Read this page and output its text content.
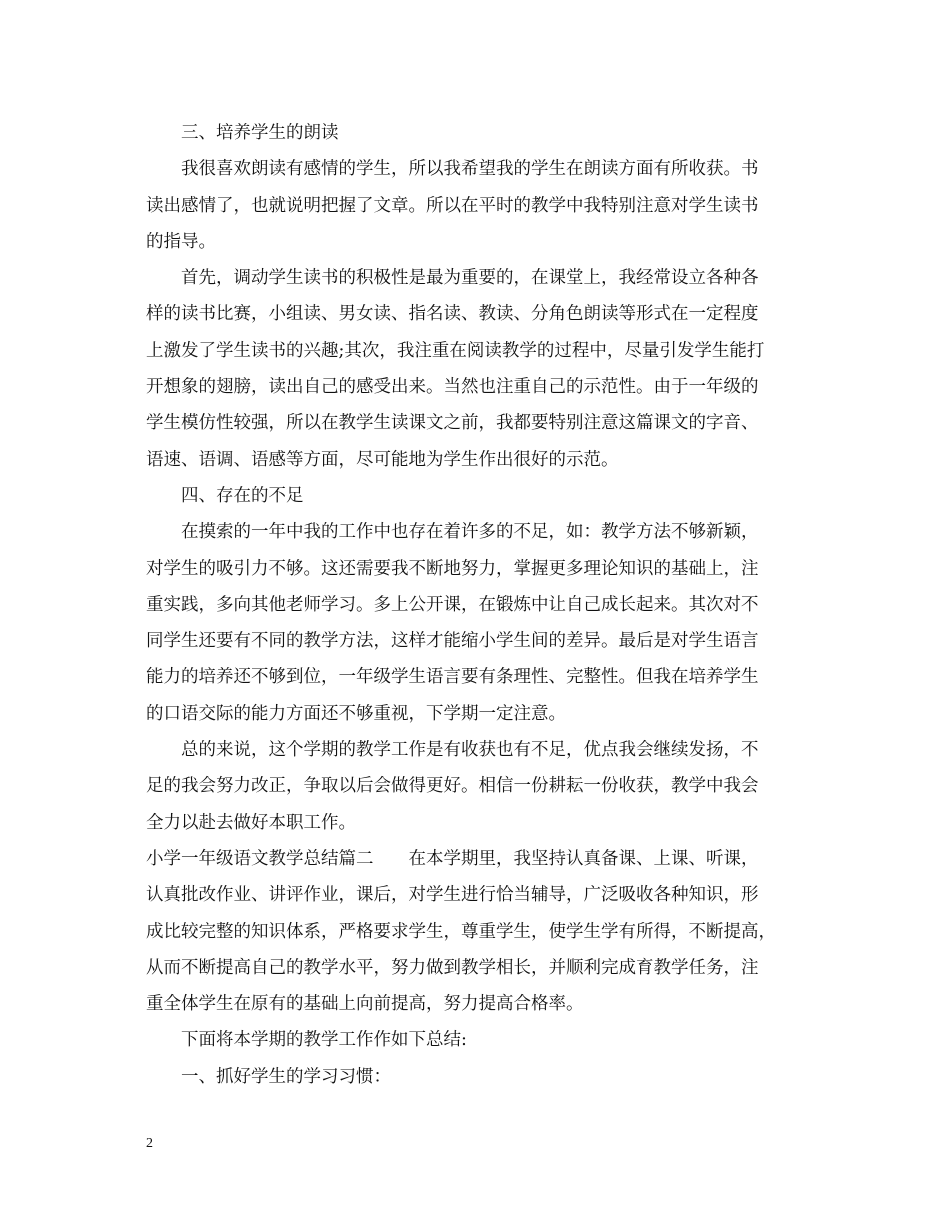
三、培养学生的朗读
我很喜欢朗读有感情的学生，所以我希望我的学生在朗读方面有所收获。书
读出感情了，也就说明把握了文章。所以在平时的教学中我特别注意对学生读书
的指导。
首先，调动学生读书的积极性是最为重要的，在课堂上，我经常设立各种各
样的读书比赛，小组读、男女读、指名读、教读、分角色朗读等形式在一定程度
上激发了学生读书的兴趣;其次，我注重在阅读教学的过程中，尽量引发学生能打
开想象的翅膀，读出自己的感受出来。当然也注重自己的示范性。由于一年级的
学生模仿性较强，所以在教学生读课文之前，我都要特别注意这篇课文的字音、
语速、语调、语感等方面，尽可能地为学生作出很好的示范。
四、存在的不足
在摸索的一年中我的工作中也存在着许多的不足，如：教学方法不够新颖，
对学生的吸引力不够。这还需要我不断地努力，掌握更多理论知识的基础上，注
重实践，多向其他老师学习。多上公开课，在锻炼中让自己成长起来。其次对不
同学生还要有不同的教学方法，这样才能缩小学生间的差异。最后是对学生语言
能力的培养还不够到位，一年级学生语言要有条理性、完整性。但我在培养学生
的口语交际的能力方面还不够重视，下学期一定注意。
总的来说，这个学期的教学工作是有收获也有不足，优点我会继续发扬，不
足的我会努力改正，争取以后会做得更好。相信一份耕耘一份收获，教学中我会
全力以赴去做好本职工作。
小学一年级语文教学总结篇二　　在本学期里，我坚持认真备课、上课、听课，
认真批改作业、讲评作业，课后，对学生进行恰当辅导，广泛吸收各种知识，形
成比较完整的知识体系，严格要求学生，尊重学生，使学生学有所得，不断提高，
从而不断提高自己的教学水平，努力做到教学相长，并顺利完成育教学任务，注
重全体学生在原有的基础上向前提高，努力提高合格率。
下面将本学期的教学工作作如下总结:
一、抓好学生的学习习惯：
2
